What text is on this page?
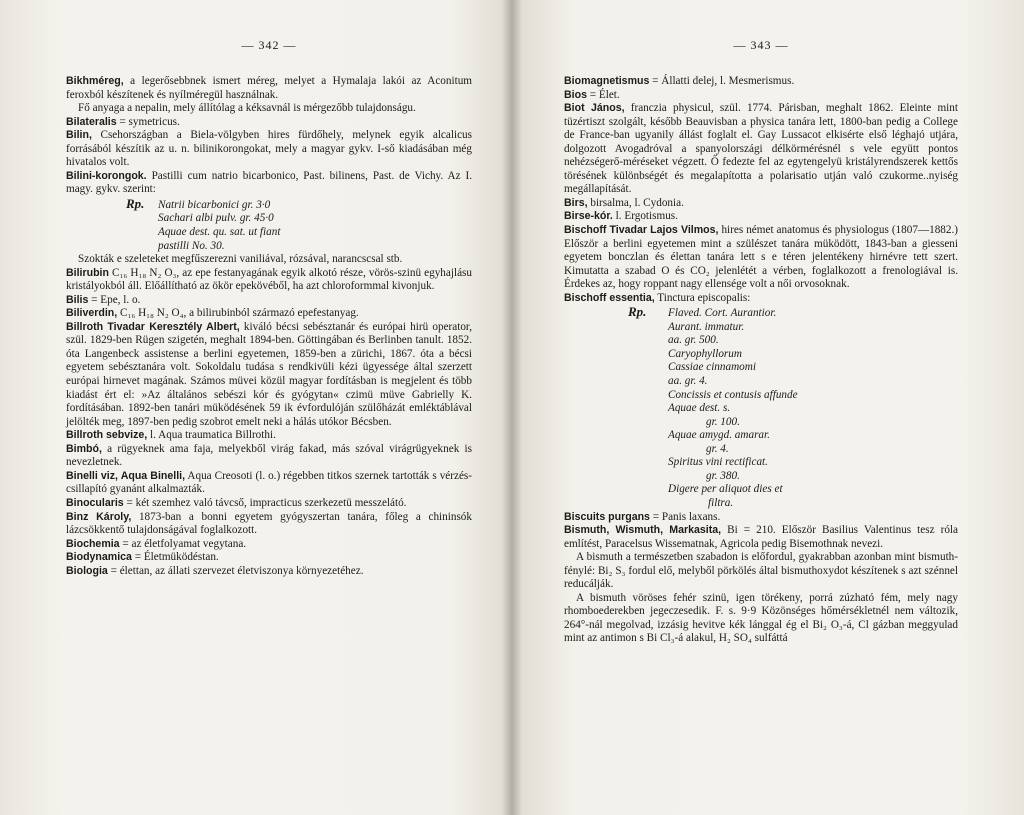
— 342 —

Bikhméreg, a legerősebbnek ismert méreg, melyet a Hymalaja lakói az Aconitum feroxból készítenek és nyílméregül használnak.

Fő anyaga a nepalin, mely állítólag a kéksavnál is mérgezőbb tulajdonságu.

Bilateralis = symetricus.

Bilin, Csehországban a Biela-völgyben hires fürdőhely, melynek egyik alcalicus forrásából készítik az u. n. bilinikorongokat, mely a magyar gykv. I-ső kiadásában még hivatalos volt.

Bilini-korongok. Pastilli cum natrio bicarbonico, Past. bilinens, Past. de Vichy. Az I. magy. gykv. szerint:

Rp.	Natrii bicarbonici gr. 3·0

Sachari albi pulv. gr. 45·0

Aquae dest. qu. sat. ut fiant

pastilli No. 30.

Szokták e szeleteket megfűszerezni vaniliával, rózsával, narancscsal stb.

Bilirubin C₁₆ H₁₈ N₂ O₃, az epe festanyagának egyik alkotó része, vörös-szinü egyhajlásu kristályokból áll. Előállítható az ökör epekövéből, ha azt chloroformmal kivonjuk.

Bilis = Epe, l. o.

Biliverdin, C₁₆ H₁₈ N₂ O₄, a bilirubinból származó epefestanyag.

Billroth Tivadar Keresztély Albert, kiváló bécsi sebésztanár és európai hirü operator, szül. 1829-ben Rügen szigetén, meghalt 1894-ben. Göttingában és Berlinben tanult. 1852. óta Langenbeck assistense a berlini egyetemen, 1859-ben a zürichi, 1867. óta a bécsi egyetem sebésztanára volt. Sokoldalu tudása s rendkivüli kézi ügyessége által szerzett európai hirnevet magának. Számos müvei közül magyar fordításban is megjelent és több kiadást ért el: »Az általános sebészi kór és gyógytan« czimü müve Gabrielly K. fordításában. 1892-ben tanári müködésének 59 ik évfordulóján szülőházát emléktáblával jelölték meg, 1897-ben pedig szobrot emelt neki a hálás utókor Bécsben.

Billroth sebvize, l. Aqua traumatica Billrothi.

Bimbó, a rügyeknek ama faja, melyekből virág fakad, más szóval virágrügyeknek is nevezletnek.

Binelli viz, Aqua Binelli, Aqua Creosoti (l. o.) régebben titkos szernek tartották s vérzés-csillapító gyanánt alkalmazták.

Binocularis = két szemhez való távcső, impracticus szerkezetü messzelátó.

Binz Károly, 1873-ban a bonni egyetem gyógyszertan tanára, főleg a chininsók lázcsökkentő tulajdonságával foglalkozott.

Biochemia = az életfolyamat vegytana.

Biodynamica = Életmüködéstan.

Biologia = élettan, az állati szervezet életviszonya környezetéhez.

— 343 —

Biomagnetismus = Állatti delej, l. Mesmerismus.

Bios = Élet.

Biot János, franczia physicul, szül. 1774. Párisban, meghalt 1862. Eleinte mint tüzértiszt szolgált, később Beauvisban a physica tanára lett, 1800-ban pedig a College de France-ban ugyanily állást foglalt el. Gay Lussacot elkisérte első léghajó utjára, dolgozott Avogadróval a spanyolországi délkörmérésnél s vele együtt pontos nehézségerő-méréseket végzett. Ő fedezte fel az egytengelyü kristályrendszerek kettős törésének különbségét és megalapította a polarisatio utján való czukorme..nyiség megállapítását.

Birs, birsalma, l. Cydonia.

Birse-kór. l. Ergotismus.

Bischoff Tivadar Lajos Vilmos, hires német anatomus és physiologus (1807—1882.) Először a berlini egyetemen mint a szülészet tanára müködött, 1843-ban a giesseni egyetem bonczlan és élettan tanára lett s e téren jelentékeny hirnévre tett szert. Kimutatta a szabad O és CO₂ jelenlétét a vérben, foglalkozott a frenologiával is. Érdekes az, hogy roppant nagy ellensége volt a női orvosoknak.

Bischoff essentia, Tinctura episcopalis:

Rp.	Flaved. Cort. Aurantior.

Aurant. immatur.

aa. gr. 500.

Caryophyllorum

Cassiae cinnamomi

aa. gr. 4.

Concissis et contusis affunde

Aquae dest. s.

gr. 100.

Aquae amygd. amarar.

gr. 4.

Spiritus vini rectificat.

gr. 380.

Digere per aliquot dies et

filtra.

Biscuits purgans = Panis laxans.

Bismuth, Wismuth, Markasita, Bi = 210. Először Basilius Valentinus tesz róla említést, Paracelsus Wissematnak, Agricola pedig Bisemothnak nevezi.

A bismuth a természetben szabadon is előfordul, gyakrabban azonban mint bismuth-fénylé: Bi₂ S₃ fordul elő, melyből pörkölés által bismuthoxydot készítenek s azt szénnel reducálják.

A bismuth vöröses fehér szinü, igen törékeny, porrá zúzható fém, mely nagy rhomboederekben jegeczesedik. F. s. 9·9 Közönséges hőmérsékletnél nem változik, 264°-nál megolvad, izzásig hevitve kék lánggal ég el Bi₂ O₃-á, Cl gázban meggyulad mint az antimon s Bi Cl₃-á alakul, H₂ SO₄ sulfáttá
